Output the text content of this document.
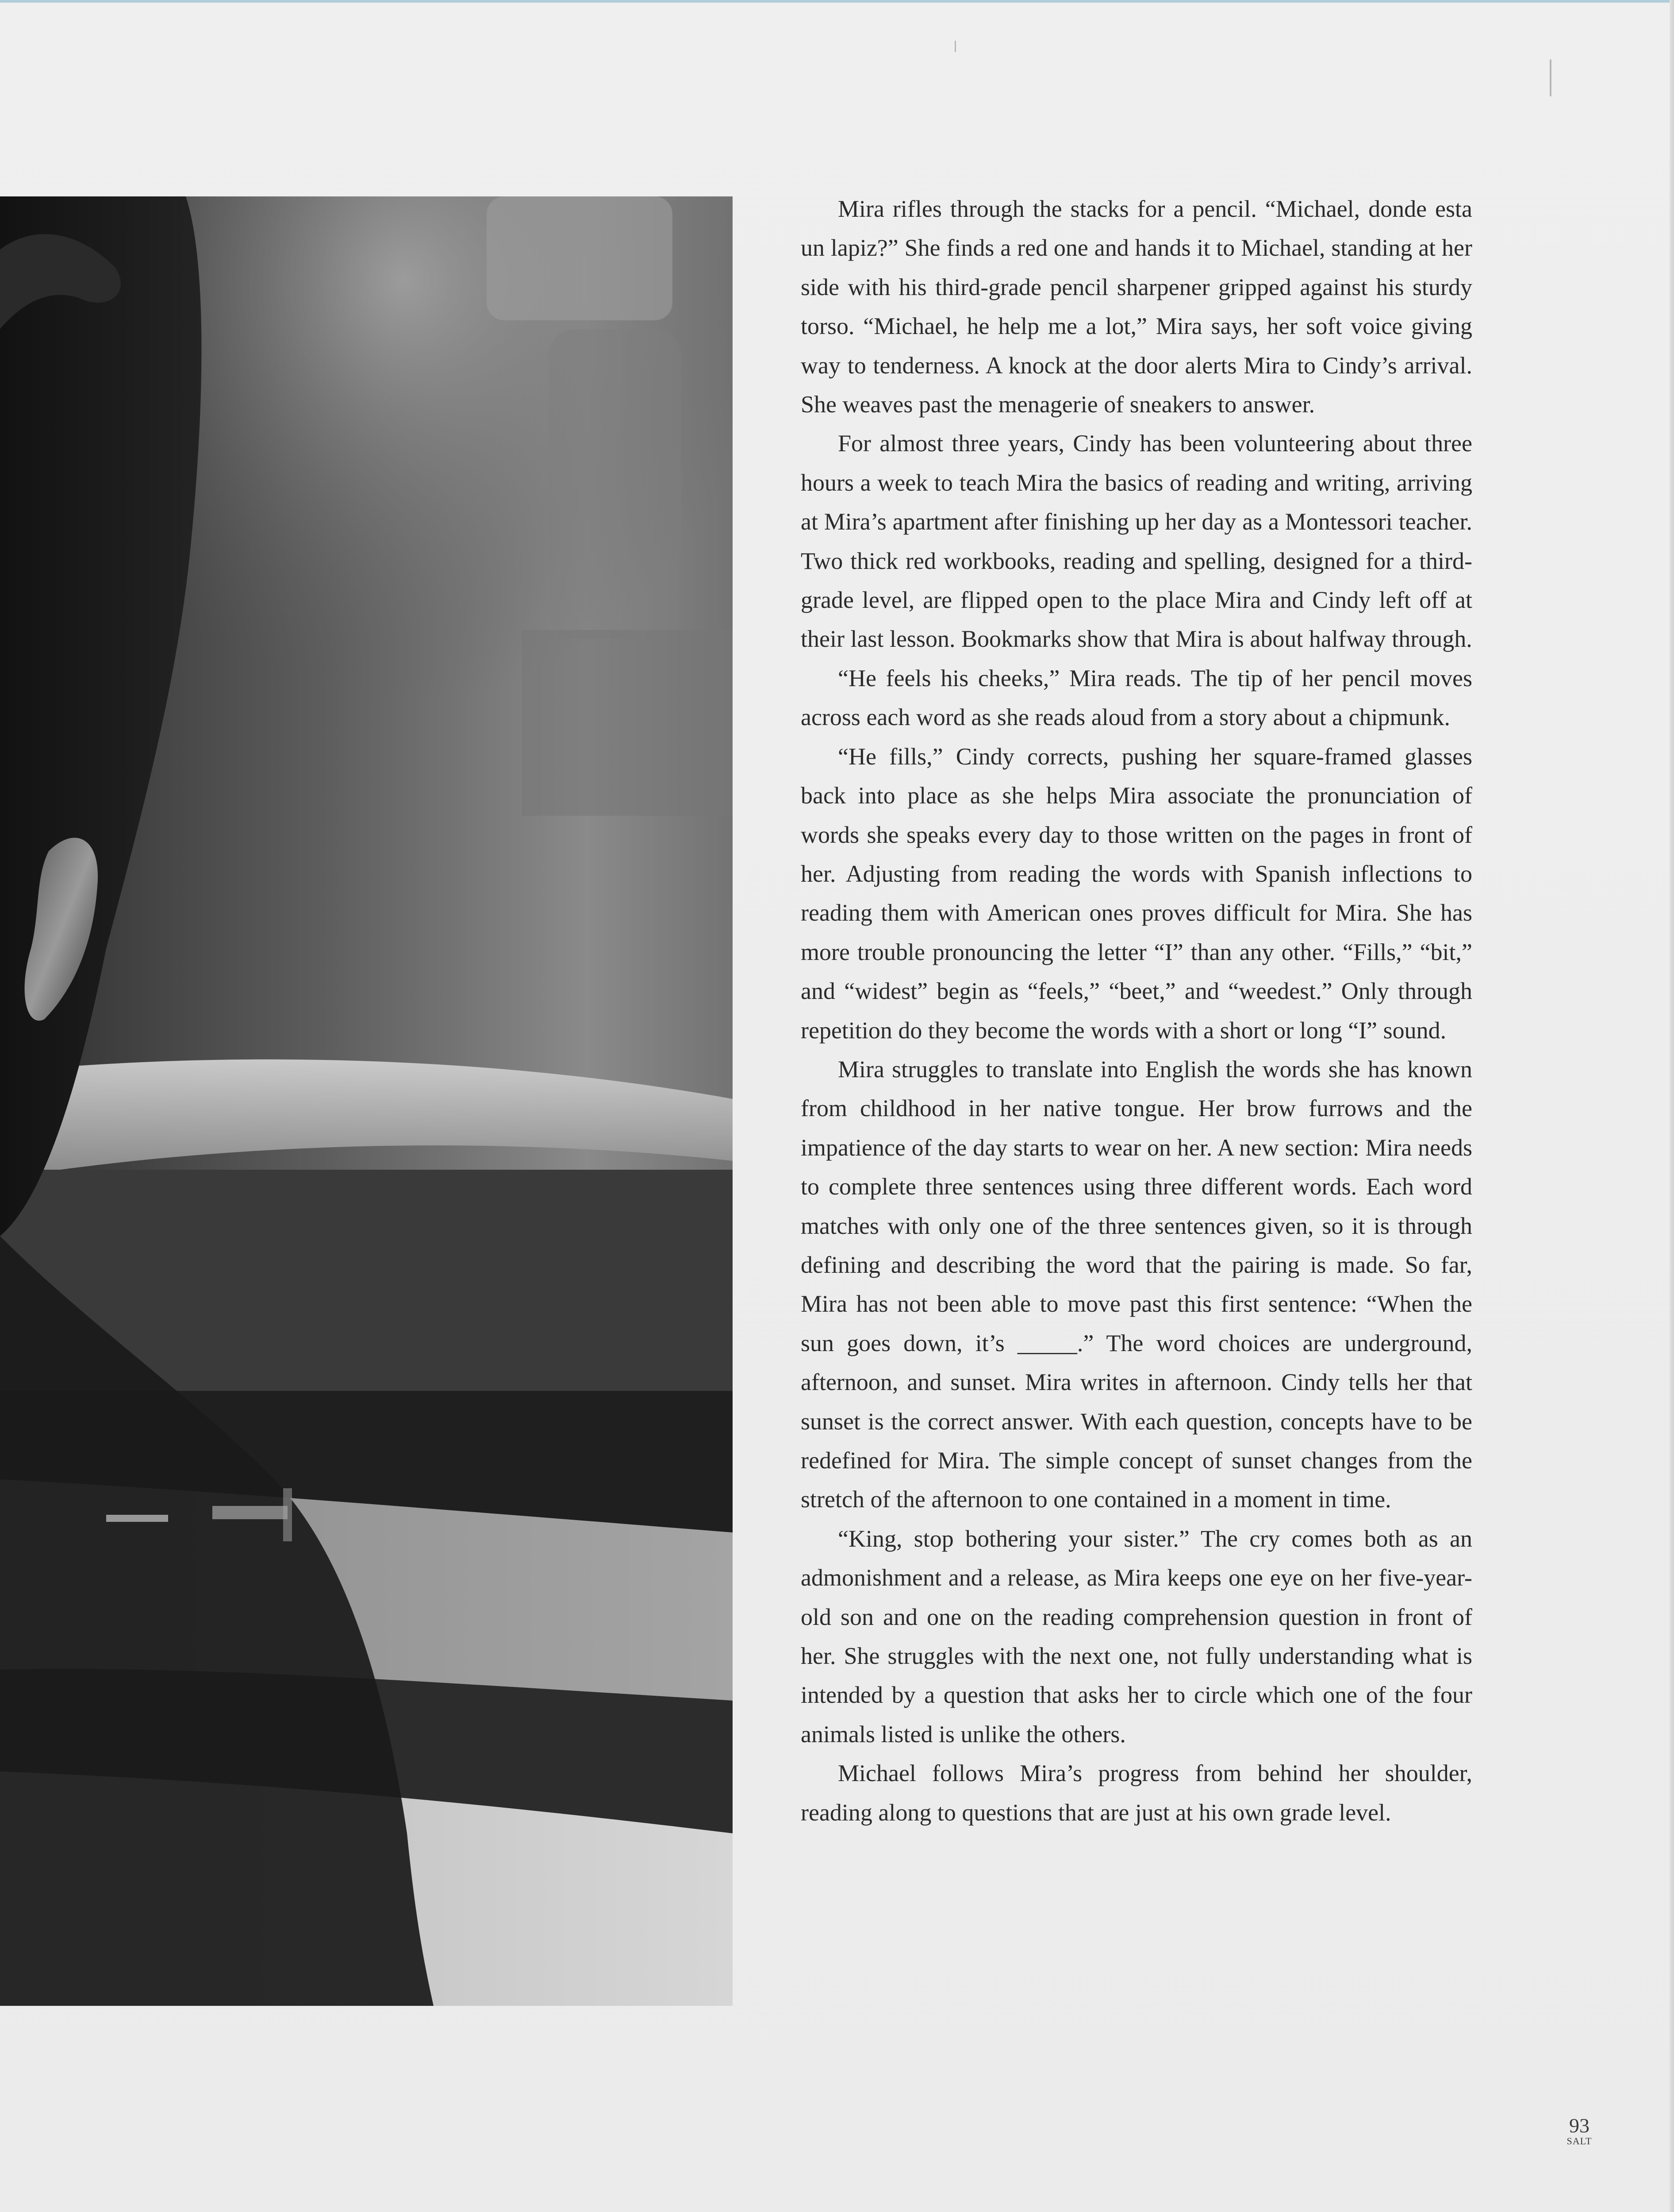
Mira rifles through the stacks for a pencil. “Michael, donde esta un lapiz?” She finds a red one and hands it to Michael, standing at her side with his third-grade pencil sharpener gripped against his sturdy torso. “Michael, he help me a lot,” Mira says, her soft voice giving way to tenderness. A knock at the door alerts Mira to Cindy’s arrival. She weaves past the menagerie of sneakers to answer.

For almost three years, Cindy has been volunteering about three hours a week to teach Mira the basics of reading and writing, arriving at Mira’s apartment after finishing up her day as a Montessori teacher. Two thick red workbooks, reading and spelling, designed for a third-grade level, are flipped open to the place Mira and Cindy left off at their last lesson. Bookmarks show that Mira is about halfway through.

“He feels his cheeks,” Mira reads. The tip of her pencil moves across each word as she reads aloud from a story about a chipmunk.

“He fills,” Cindy corrects, pushing her square-framed glasses back into place as she helps Mira associate the pronunciation of words she speaks every day to those written on the pages in front of her. Adjusting from reading the words with Spanish inflections to reading them with American ones proves difficult for Mira. She has more trouble pronouncing the letter “I” than any other. “Fills,” “bit,” and “widest” begin as “feels,” “beet,” and “weedest.” Only through repetition do they become the words with a short or long “I” sound.

Mira struggles to translate into English the words she has known from childhood in her native tongue. Her brow furrows and the impatience of the day starts to wear on her. A new section: Mira needs to complete three sentences using three different words. Each word matches with only one of the three sentences given, so it is through defining and describing the word that the pairing is made. So far, Mira has not been able to move past this first sentence: “When the sun goes down, it’s _____.” The word choices are underground, afternoon, and sunset. Mira writes in afternoon. Cindy tells her that sunset is the correct answer. With each question, concepts have to be redefined for Mira. The simple concept of sunset changes from the stretch of the afternoon to one contained in a moment in time.

“King, stop bothering your sister.” The cry comes both as an admonishment and a release, as Mira keeps one eye on her five-year-old son and one on the reading comprehension question in front of her. She struggles with the next one, not fully understanding what is intended by a question that asks her to circle which one of the four animals listed is unlike the others.

Michael follows Mira’s progress from behind her shoulder, reading along to questions that are just at his own grade level.

93
SALT
